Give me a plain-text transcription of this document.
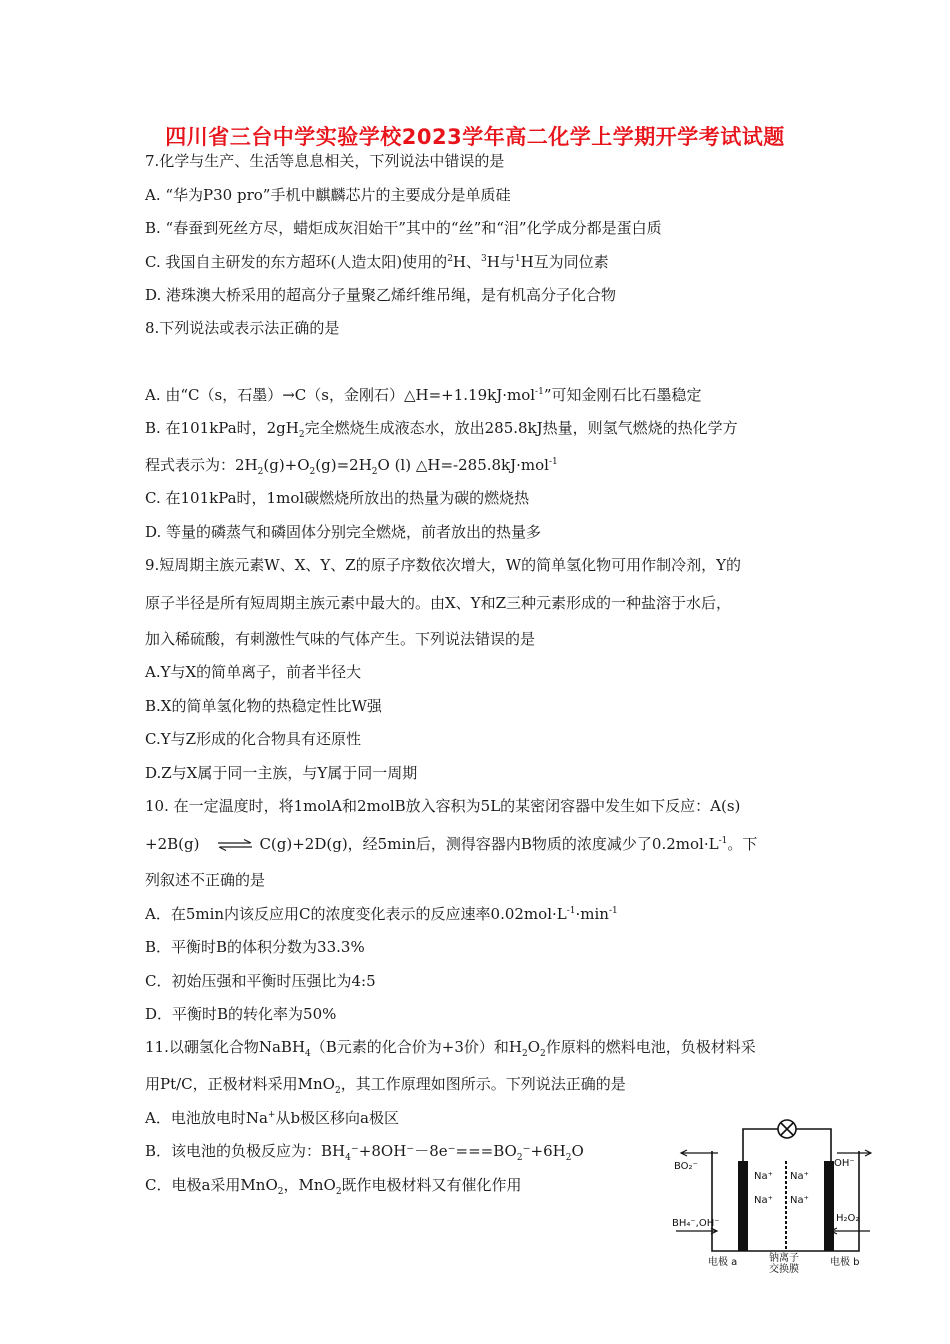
四川省三台中学实验学校2023学年高二化学上学期开学考试试题
7.化学与生产、生活等息息相关，下列说法中错误的是
A. “华为P30 pro”手机中麒麟芯片的主要成分是单质硅
B. “春蚕到死丝方尽，蜡炬成灰泪始干”其中的“丝”和“泪”化学成分都是蛋白质
C. 我国自主研发的东方超环(人造太阳)使用的$^2$H、$^3$H与$^1$H互为同位素
D. 港珠澳大桥采用的超高分子量聚乙烯纤维吊绳，是有机高分子化合物
8.下列说法或表示法正确的是
A. 由“C（s，石墨）→C（s，金刚石）△H=+1.19kJ·mol$^{-1}$”可知金刚石比石墨稳定
B. 在101kPa时，$2gH_2$完全燃烧生成液态水，放出285.8kJ热量，则氢气燃烧的热化学方
程式表示为：$2H_2(g)+O_2(g)=2H_2O$ (l) △H=-285.8kJ·mol$^{-1}$
C. 在101kPa时，1mol碳燃烧所放出的热量为碳的燃烧热
D. 等量的磷蒸气和磷固体分别完全燃烧，前者放出的热量多
9.短周期主族元素W、X、Y、Z的原子序数依次增大，W的简单氢化物可用作制冷剂，Y的
原子半径是所有短周期主族元素中最大的。由X、Y和Z三种元素形成的一种盐溶于水后，
加入稀硫酸，有刺激性气味的气体产生。下列说法错误的是
A.Y与X的简单离子，前者半径大
B.X的简单氢化物的热稳定性比W强
C.Y与Z形成的化合物具有还原性
D.Z与X属于同一主族，与Y属于同一周期
10. 在一定温度时，将1molA和2molB放入容积为5L的某密闭容器中发生如下反应：A(s)
+2B(g) ⇌ C(g)+2D(g)，经5min后，测得容器内B物质的浓度减少了$0.2mol\cdot L^{-1}$。下
列叙述不正确的是
A．在5min内该反应用C的浓度变化表示的反应速率$0.02mol\cdot L^{-1}\cdot\min^{-1}$
B．平衡时B的体积分数为33.3%
C．初始压强和平衡时压强比为4:5
D．平衡时B的转化率为50%
11.以硼氢化合物NaBH$_4$（B元素的化合价为+3价）和$H_2O_2$作原料的燃料电池，负极材料采
用Pt/C，正极材料采用MnO$_2$，其工作原理如图所示。下列说法正确的是
A．电池放电时Na+从b极区移向a极区
B．该电池的负极反应为：$BH_4^-+8OH^--8e^-===BO_2^-+6H_2O$
C．电极a采用MnO$_2$，MnO$_2$既作电极材料又有催化作用	Na⁺ Na⁺
Na⁺ Na⁺
BO₂⁻
BH₄⁻,OH⁻
OH⁻
H₂O₂
电极 a	钠离子
交换膜
电极 b
